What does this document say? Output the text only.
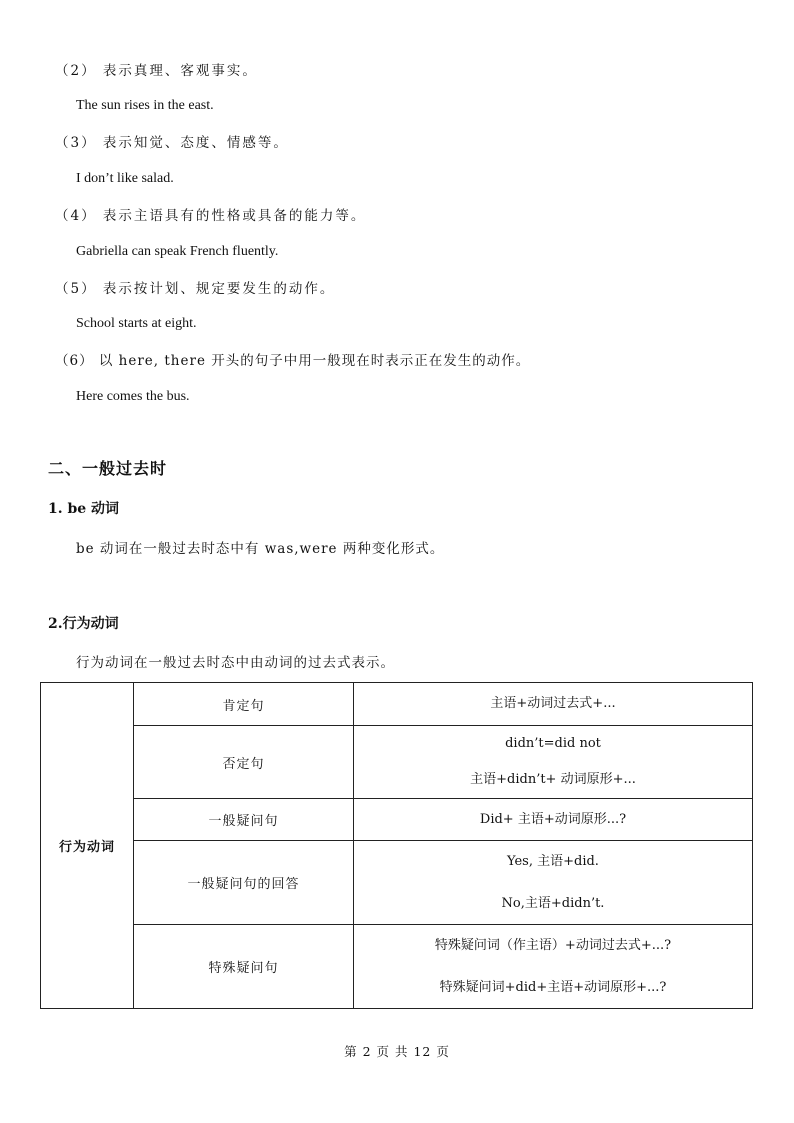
（2） 表示真理、客观事实。
The sun rises in the east.
（3） 表示知觉、态度、情感等。
I don’t like salad.
（4） 表示主语具有的性格或具备的能力等。
Gabriella can speak French fluently.
（5） 表示按计划、规定要发生的动作。
School starts at eight.
（6） 以 here, there 开头的句子中用一般现在时表示正在发生的动作。
Here comes the bus.
二、一般过去时
1. be 动词
be 动词在一般过去时态中有 was,were 两种变化形式。
2.行为动词
行为动词在一般过去时态中由动词的过去式表示。
行为动词	肯定句	主语+动词过去式+...

	否定句	didn’t=did not
主语+didn’t+ 动词原形+...

	一般疑问句	Did+ 主语+动词原形...?

	一般疑问句的回答	Yes, 主语+did.
No,主语+didn’t.

	特殊疑问句	特殊疑问词（作主语）+动词过去式+...?
特殊疑问词+did+主语+动词原形+...?
第 2 页 共 12 页
